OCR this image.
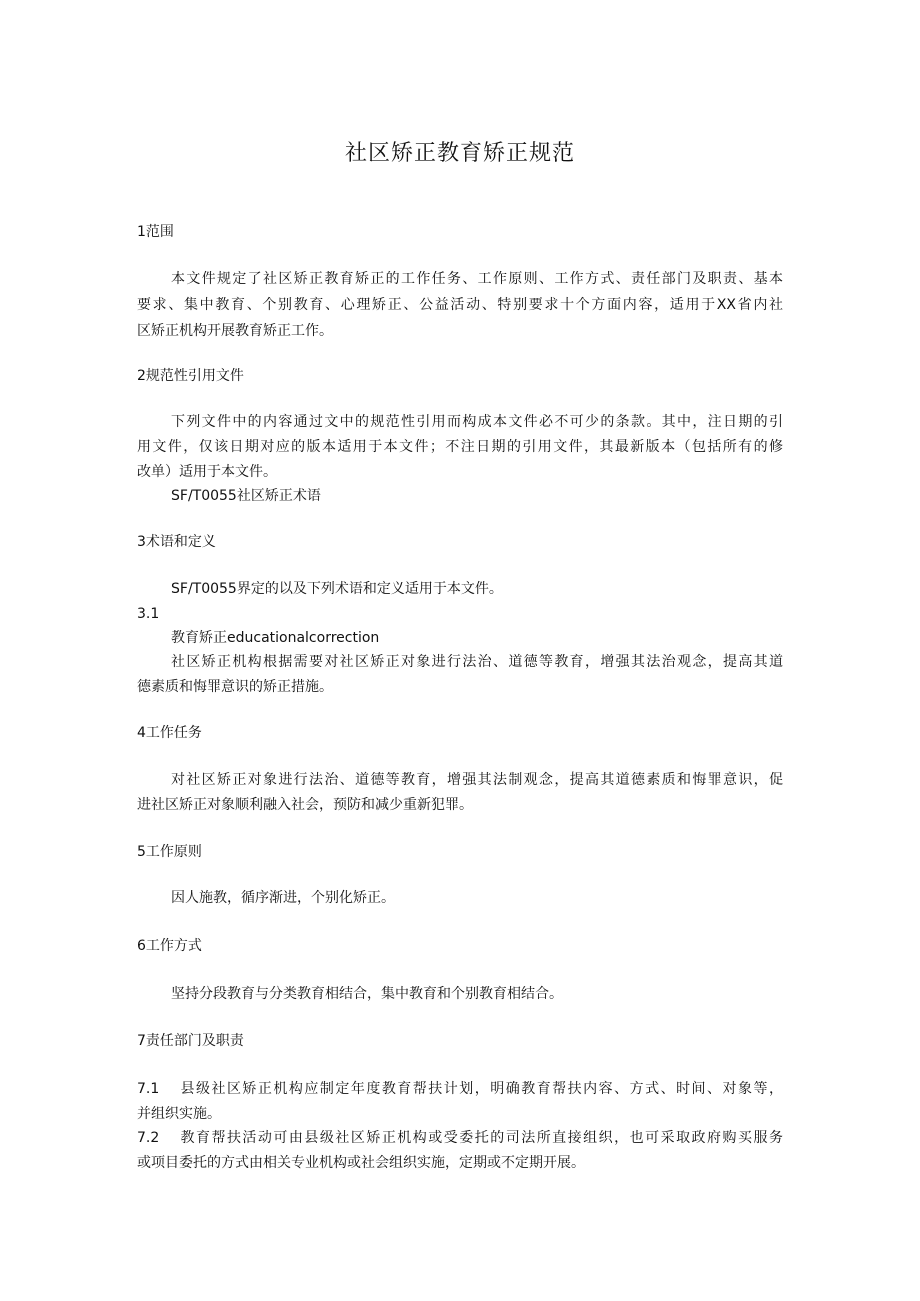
社区矫正教育矫正规范
1范围
本文件规定了社区矫正教育矫正的工作任务、工作原则、工作方式、责任部门及职责、基本
要求、集中教育、个别教育、心理矫正、公益活动、特别要求十个方面内容，适用于XX省内社
区矫正机构开展教育矫正工作。
2规范性引用文件
下列文件中的内容通过文中的规范性引用而构成本文件必不可少的条款。其中，注日期的引
用文件，仅该日期对应的版本适用于本文件；不注日期的引用文件，其最新版本（包括所有的修
改单）适用于本文件。
SF/T0055社区矫正术语
3术语和定义
SF/T0055界定的以及下列术语和定义适用于本文件。
3.1
教育矫正educationalcorrection
社区矫正机构根据需要对社区矫正对象进行法治、道德等教育，增强其法治观念，提高其道
德素质和悔罪意识的矫正措施。
4工作任务
对社区矫正对象进行法治、道德等教育，增强其法制观念，提高其道德素质和悔罪意识，促
进社区矫正对象顺利融入社会，预防和减少重新犯罪。
5工作原则
因人施教，循序渐进，个别化矫正。
6工作方式
坚持分段教育与分类教育相结合，集中教育和个别教育相结合。
7责任部门及职责
7.1 县级社区矫正机构应制定年度教育帮扶计划，明确教育帮扶内容、方式、时间、对象等，
并组织实施。
7.2 教育帮扶活动可由县级社区矫正机构或受委托的司法所直接组织，也可采取政府购买服务
或项目委托的方式由相关专业机构或社会组织实施，定期或不定期开展。
